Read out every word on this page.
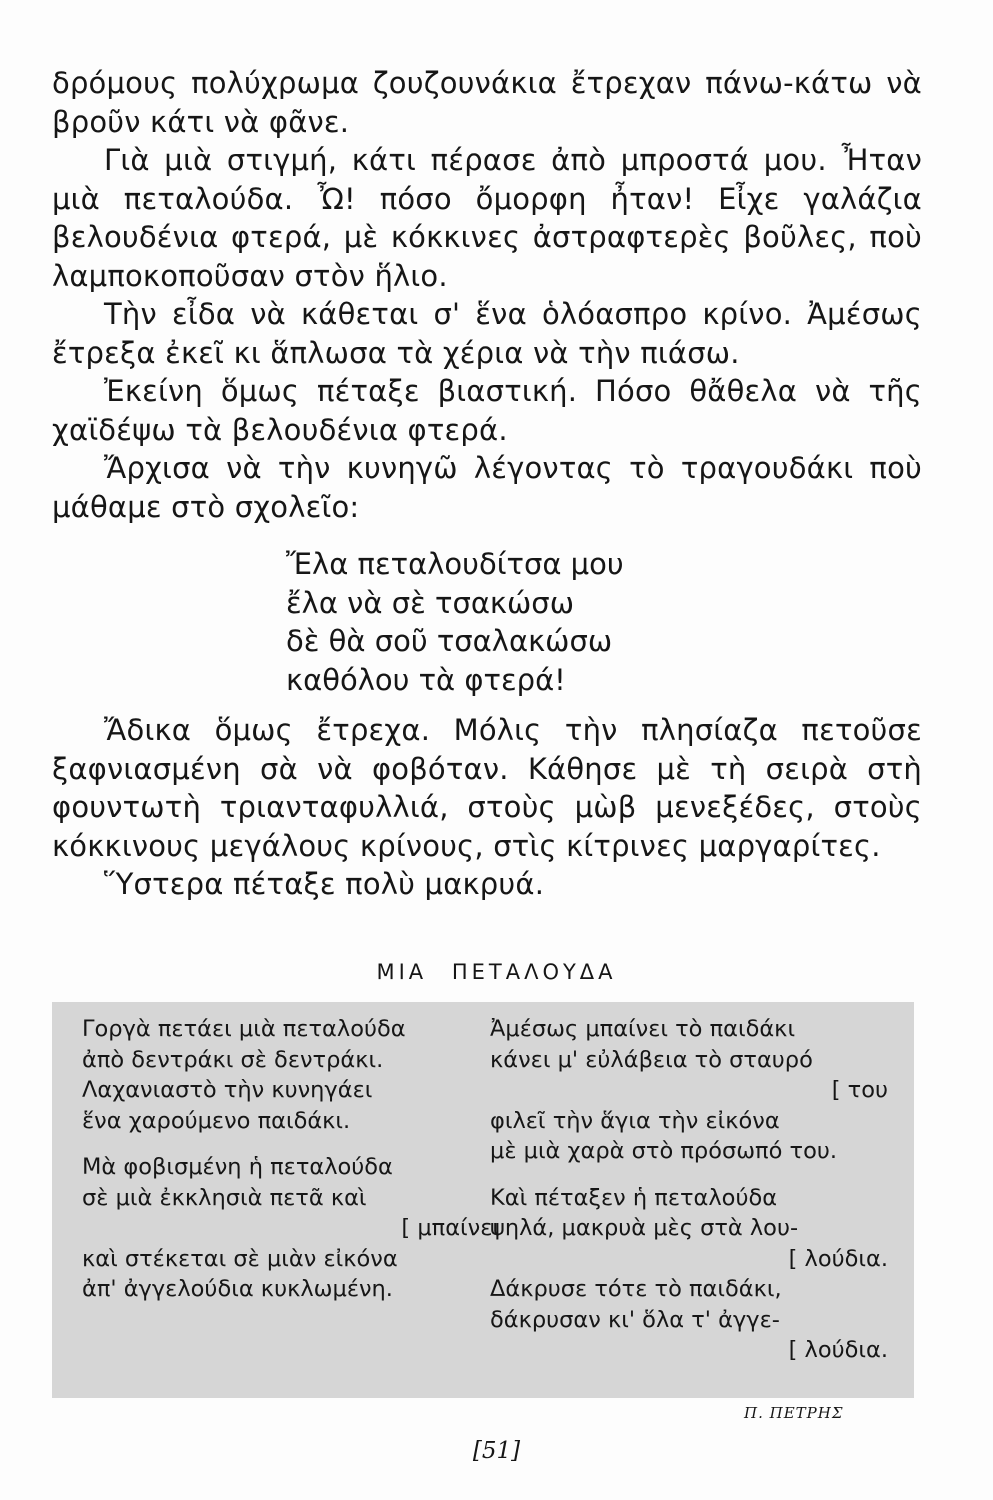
δρόμους πολύχρωμα ζουζουνάκια ἔτρεχαν πάνω-κάτω νὰ βροῦν κάτι νὰ φᾶνε.

Γιὰ μιὰ στιγμή, κάτι πέρασε ἀπὸ μπροστά μου. Ἦταν μιὰ πεταλούδα. Ὦ! πόσο ὄμορφη ἦταν! Εἶχε γαλάζια βελουδένια φτερά, μὲ κόκκινες ἀστραφτερὲς βοῦλες, ποὺ λαμποκοποῦσαν στὸν ἥλιο.

Τὴν εἶδα νὰ κάθεται σ' ἕνα ὁλόασπρο κρίνο. Ἀμέσως ἔτρεξα ἐκεῖ κι ἅπλωσα τὰ χέρια νὰ τὴν πιάσω.

Ἐκείνη ὅμως πέταξε βιαστική. Πόσο θἄθελα νὰ τῆς χαϊδέψω τὰ βελουδένια φτερά.

Ἄρχισα νὰ τὴν κυνηγῶ λέγοντας τὸ τραγουδάκι ποὺ μάθαμε στὸ σχολεῖο:

Ἔλα πεταλουδίτσα μου
ἔλα νὰ σὲ τσακώσω
δὲ θὰ σοῦ τσαλακώσω
καθόλου τὰ φτερά!

Ἄδικα ὅμως ἔτρεχα. Μόλις τὴν πλησίαζα πετοῦσε ξαφνιασμένη σὰ νὰ φοβόταν. Κάθησε μὲ τὴ σειρὰ στὴ φουντωτὴ τριανταφυλλιά, στοὺς μὼβ μενεξέδες, στοὺς κόκκινους μεγάλους κρίνους, στὶς κίτρινες μαργαρίτες.

Ὕστερα πέταξε πολὺ μακρυά.

ΜΙΑ ΠΕΤΑΛΟΥΔΑ
Γοργὰ πετάει μιὰ πεταλούδα
ἀπὸ δεντράκι σὲ δεντράκι.
Λαχανιαστὸ τὴν κυνηγάει
ἕνα χαρούμενο παιδάκι.
Μὰ φοβισμένη ἡ πεταλούδα
σὲ μιὰ ἐκκλησιὰ πετᾶ καὶ
[ μπαίνει
καὶ στέκεται σὲ μιὰν εἰκόνα
ἀπ' ἀγγελούδια κυκλωμένη.
Ἀμέσως μπαίνει τὸ παιδάκι
κάνει μ' εὐλάβεια τὸ σταυρό
[ του
φιλεῖ τὴν ἅγια τὴν εἰκόνα
μὲ μιὰ χαρὰ στὸ πρόσωπό του.
Καὶ πέταξεν ἡ πεταλούδα
ψηλά, μακρυὰ μὲς στὰ λου-
[ λούδια.
Δάκρυσε τότε τὸ παιδάκι,
δάκρυσαν κι' ὅλα τ' ἀγγε-
[ λούδια.
Π. ΠΕΤΡΗΣ
[51]
